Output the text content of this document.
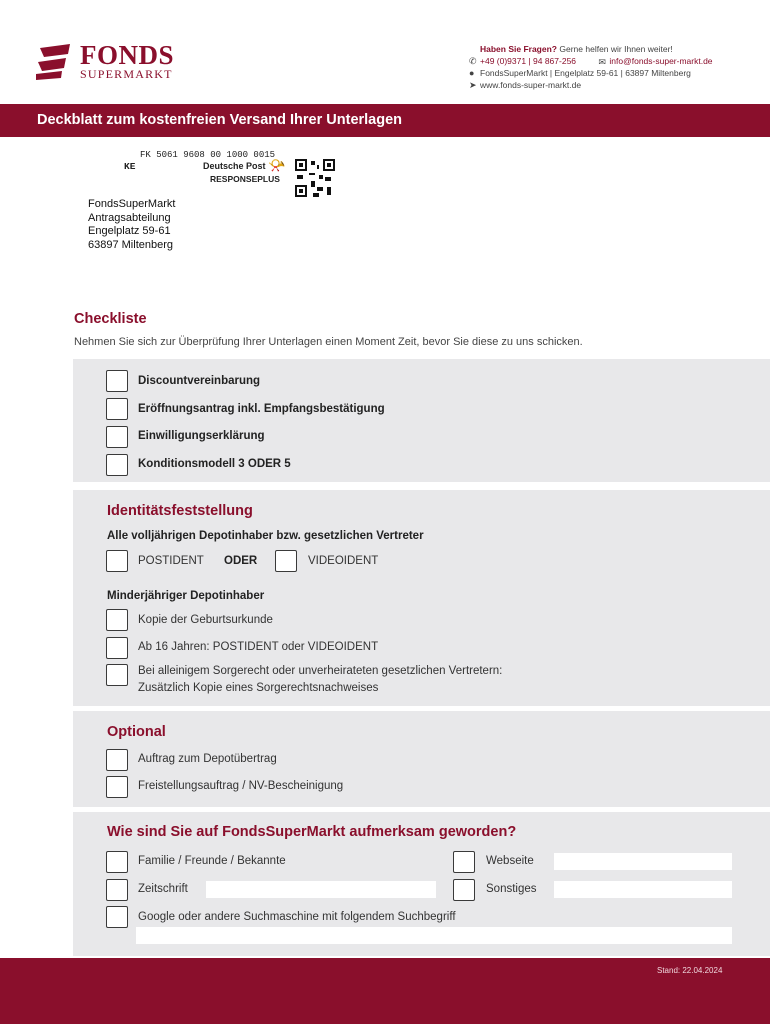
FONDS
SUPERMARKT
Haben Sie Fragen? Gerne helfen wir Ihnen weiter!
✆ +49 (0)9371 | 94 867-256 ✉ info@fonds-super-markt.de
● FondsSuperMarkt | Engelplatz 59-61 | 63897 Miltenberg
➤ www.fonds-super-markt.de
Deckblatt zum kostenfreien Versand Ihrer Unterlagen
FK 5061 9608 00 1000 0015
KE	Deutsche Post 📯
RESPONSEPLUS
FondsSuperMarkt
Antragsabteilung
Engelplatz 59-61
63897 Miltenberg
Checkliste
Nehmen Sie sich zur Überprüfung Ihrer Unterlagen einen Moment Zeit, bevor Sie diese zu uns schicken.
Discountvereinbarung
Eröffnungsantrag inkl. Empfangsbestätigung
Einwilligungserklärung
Konditionsmodell 3 ODER 5
Identitätsfeststellung
Alle volljährigen Depotinhaber bzw. gesetzlichen Vertreter
POSTIDENT ODER	VIDEOIDENT
Minderjähriger Depotinhaber
Kopie der Geburtsurkunde
Ab 16 Jahren: POSTIDENT oder VIDEOIDENT
Bei alleinigem Sorgerecht oder unverheirateten gesetzlichen Vertretern:
Zusätzlich Kopie eines Sorgerechtsnachweises
Optional
Auftrag zum Depotübertrag
Freistellungsauftrag / NV-Bescheinigung
Wie sind Sie auf FondsSuperMarkt aufmerksam geworden?
Familie / Freunde / Bekannte	Webseite
Zeitschrift	Sonstiges
Google oder andere Suchmaschine mit folgendem Suchbegriff
Stand: 22.04.2024
